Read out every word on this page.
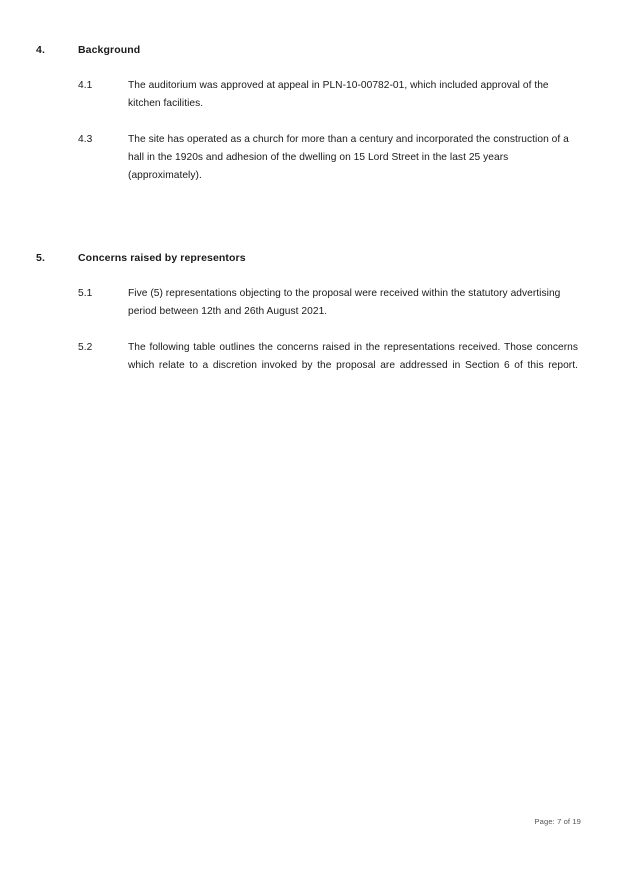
4.	Background
4.1	The auditorium was approved at appeal in PLN-10-00782-01, which included approval of the kitchen facilities.
4.3	The site has operated as a church for more than a century and incorporated the construction of a hall in the 1920s and adhesion of the dwelling on 15 Lord Street in the last 25 years (approximately).
5.	Concerns raised by representors
5.1	Five (5) representations objecting to the proposal were received within the statutory advertising period between 12th and 26th August 2021.
5.2	The following table outlines the concerns raised in the representations received. Those concerns which relate to a discretion invoked by the proposal are addressed in Section 6 of this report.
Page: 7 of 19
